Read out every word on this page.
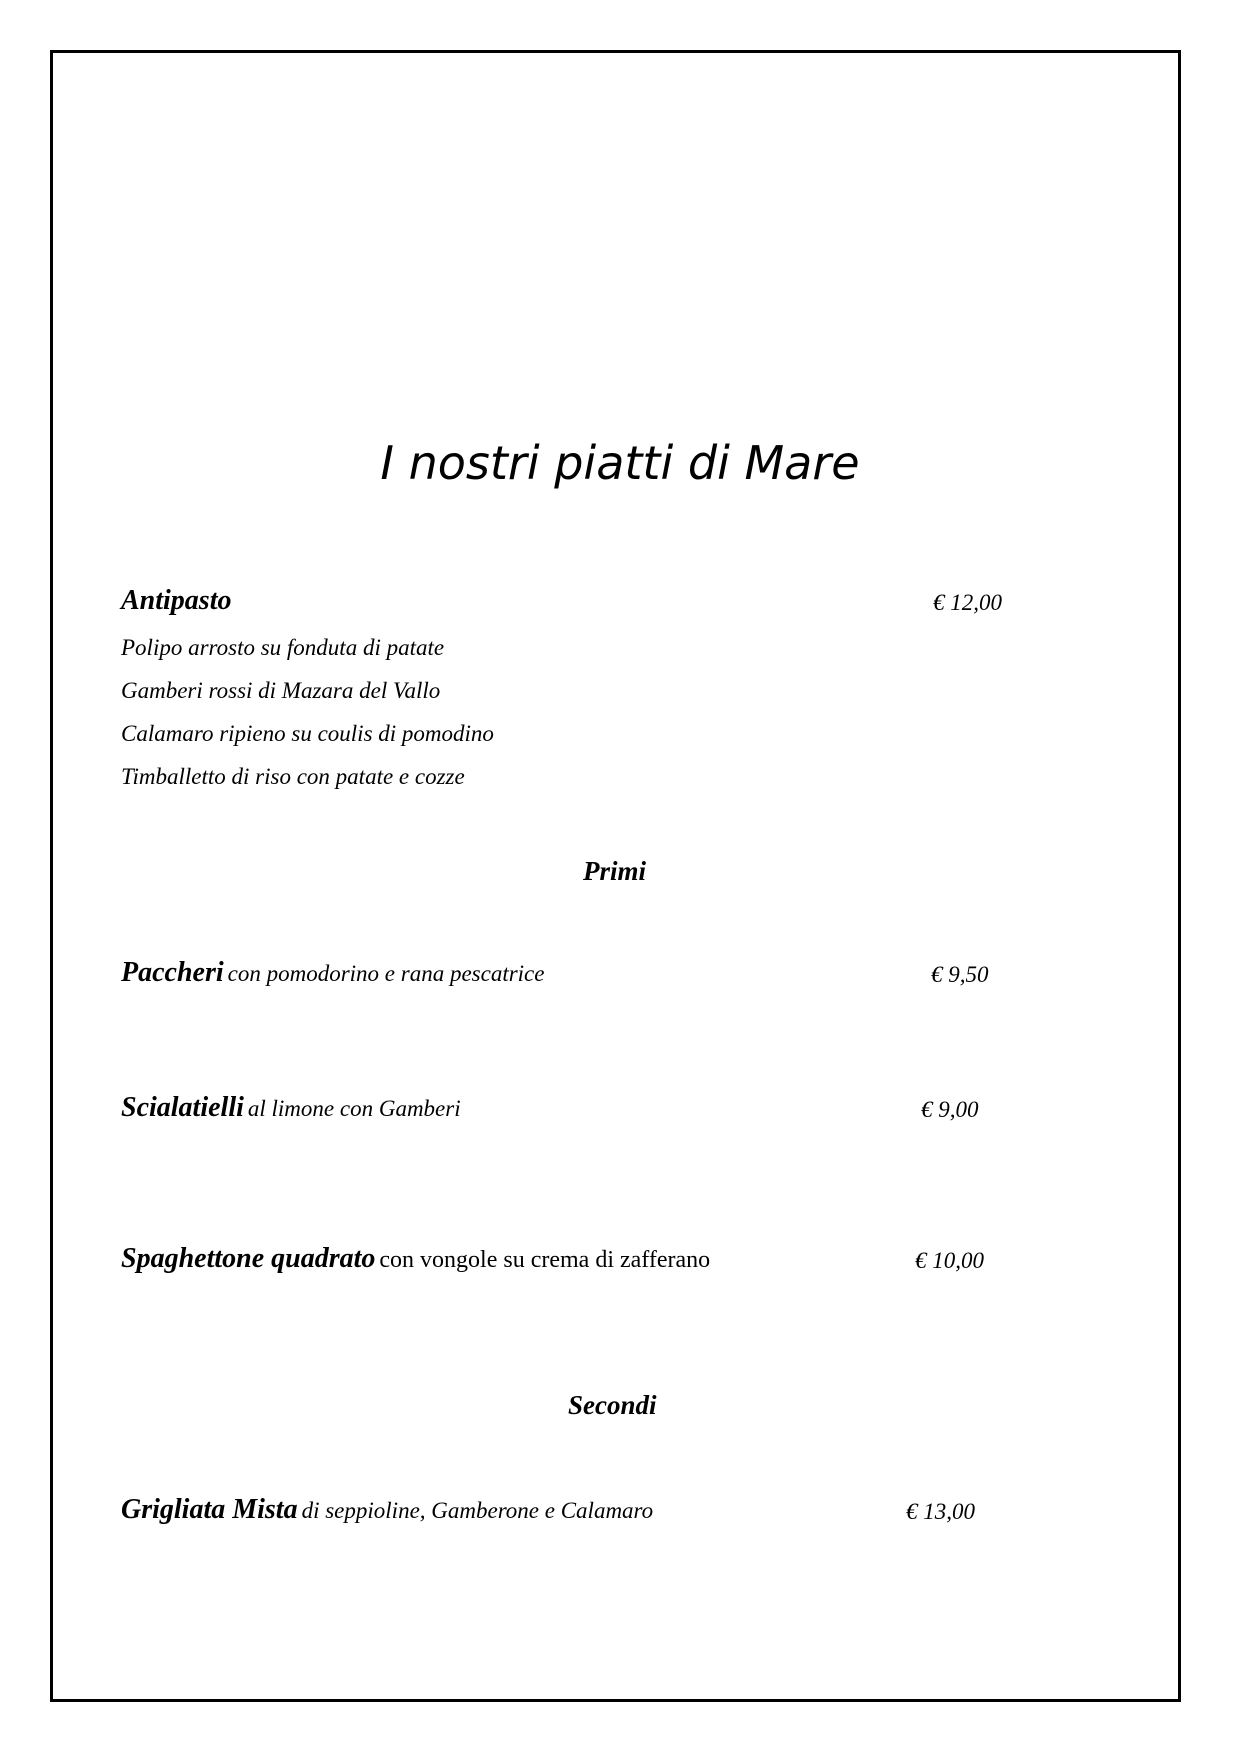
I nostri piatti di Mare
Antipasto	€ 12,00
Polipo arrosto su fonduta di patate
Gamberi rossi di Mazara del Vallo
Calamaro ripieno su coulis di pomodino
Timballetto di riso con patate e cozze
Primi
Paccheri con pomodorino e rana pescatrice	€ 9,50
Scialatielli al limone con Gamberi	€ 9,00
Spaghettone quadrato con vongole su crema di zafferano	€ 10,00
Secondi
Grigliata Mista di seppioline, Gamberone e Calamaro	€ 13,00
